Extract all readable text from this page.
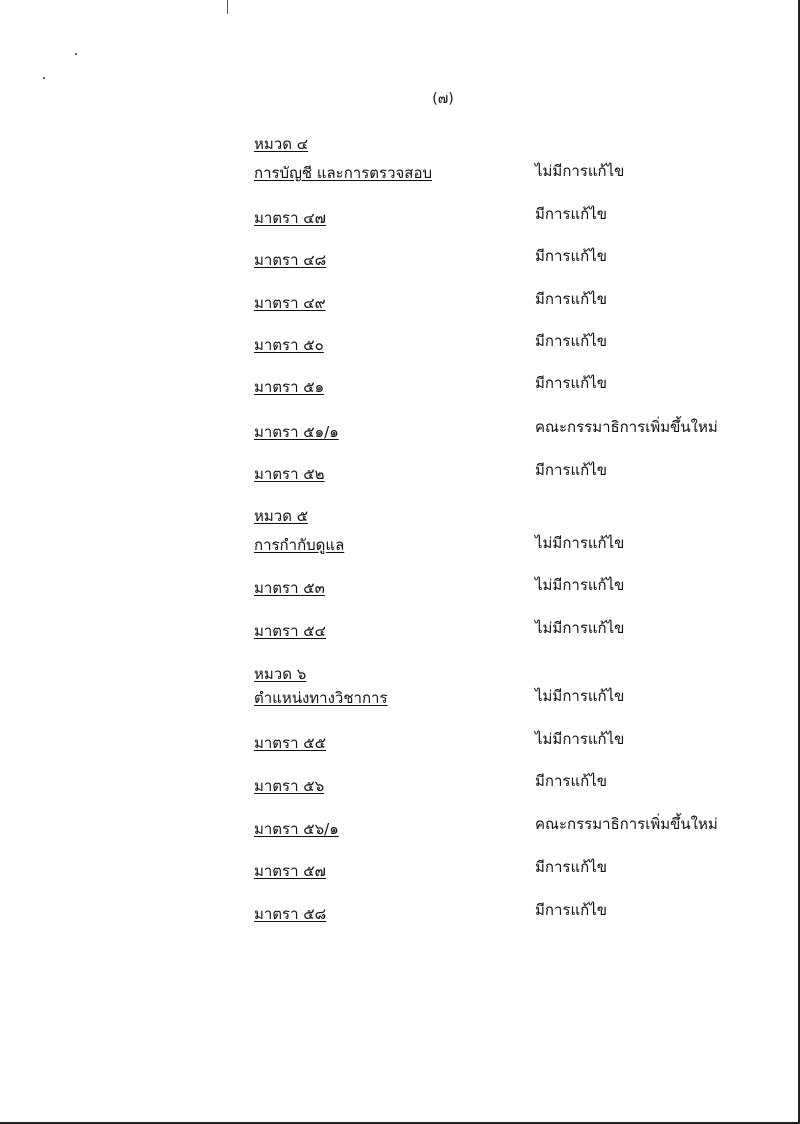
(๗)
หมวด ๔
การบัญชี และการตรวจสอบ	ไม่มีการแก้ไข
มาตรา ๔๗	มีการแก้ไข
มาตรา ๔๘	มีการแก้ไข
มาตรา ๔๙	มีการแก้ไข
มาตรา ๕๐	มีการแก้ไข
มาตรา ๕๑	มีการแก้ไข
มาตรา ๕๑/๑	คณะกรรมาธิการเพิ่มขึ้นใหม่
มาตรา ๕๒	มีการแก้ไข
หมวด ๕
การกำกับดูแล	ไม่มีการแก้ไข
มาตรา ๕๓	ไม่มีการแก้ไข
มาตรา ๕๔	ไม่มีการแก้ไข
หมวด ๖
ตำแหน่งทางวิชาการ	ไม่มีการแก้ไข
มาตรา ๕๕	ไม่มีการแก้ไข
มาตรา ๕๖	มีการแก้ไข
มาตรา ๕๖/๑	คณะกรรมาธิการเพิ่มขึ้นใหม่
มาตรา ๕๗	มีการแก้ไข
มาตรา ๕๘	มีการแก้ไข
